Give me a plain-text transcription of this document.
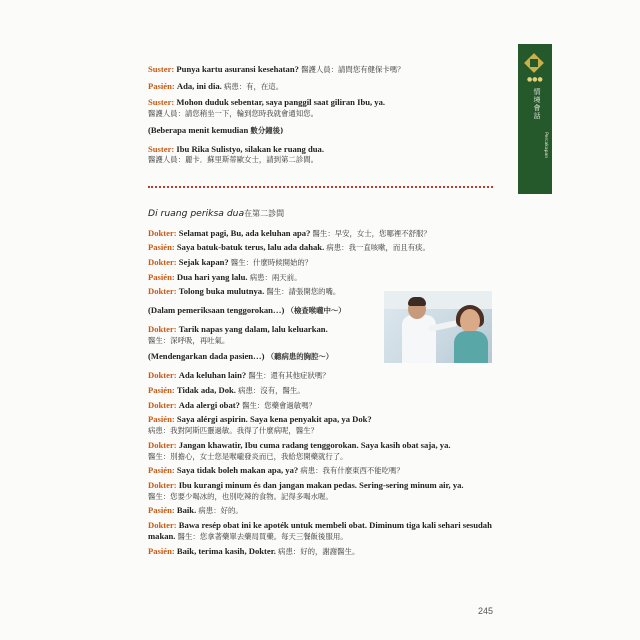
Suster: Punya kartu asuransi kesehatan? 醫護人員：請問您有健保卡嗎？
Pasién: Ada, ini dia. 病患：有，在這。
Suster: Mohon duduk sebentar, saya panggil saat giliran Ibu, ya.
醫護人員：請您稍坐一下，輪到您時我就會通知您。
(Beberapa menit kemudian 數分鐘後)
Suster: Ibu Rika Sulistyo, silakan ke ruang dua.
醫護人員：麗卡．蘇里斯蒂歐女士，請到第二診間。
Di ruang periksa dua在第二診間
Dokter: Selamat pagi, Bu, ada keluhan apa? 醫生：早安，女士，您哪裡不舒服？
Pasién: Saya batuk-batuk terus, lalu ada dahak. 病患：我一直咳嗽，而且有痰。
Dokter: Sejak kapan? 醫生：什麼時候開始的？
Pasién: Dua hari yang lalu. 病患：兩天前。
Dokter: Tolong buka mulutnya. 醫生：請張開您的嘴。
(Dalam pemeriksaan tenggorokan…) （檢查喉嚨中～）
Dokter: Tarik napas yang dalam, lalu keluarkan.
醫生：深呼吸，再吐氣。
(Mendengarkan dada pasien…) （聽病患的胸腔～）
Dokter: Ada keluhan lain? 醫生：還有其他症狀嗎？
Pasién: Tidak ada, Dok. 病患：沒有，醫生。
Dokter: Ada alergi obat? 醫生：您藥會過敏嗎？
Pasién: Saya alérgi aspirin. Saya kena penyakit apa, ya Dok?
病患：我對阿斯匹靈過敏。我得了什麼病呢，醫生？
Dokter: Jangan khawatir, Ibu cuma radang tenggorokan. Saya kasih obat saja, ya.
醫生：別擔心，女士您是喉嚨發炎而已，我給您開藥就行了。
Pasién: Saya tidak boleh makan apa, ya? 病患：我有什麼東西不能吃嗎？
Dokter: Ibu kurangi minum és dan jangan makan pedas. Sering-sering minum air, ya.
醫生：您要少喝冰的，也別吃辣的食物。記得多喝水喔。
Pasién: Baik. 病患：好的。
Dokter: Bawa resép obat ini ke apoték untuk membeli obat. Diminum tiga kali sehari sesudah makan. 醫生：您拿著藥單去藥局買藥。每天三餐飯後服用。
Pasién: Baik, terima kasih, Dokter. 病患：好的，謝謝醫生。
●●●
情境會話
Percakapan
245
